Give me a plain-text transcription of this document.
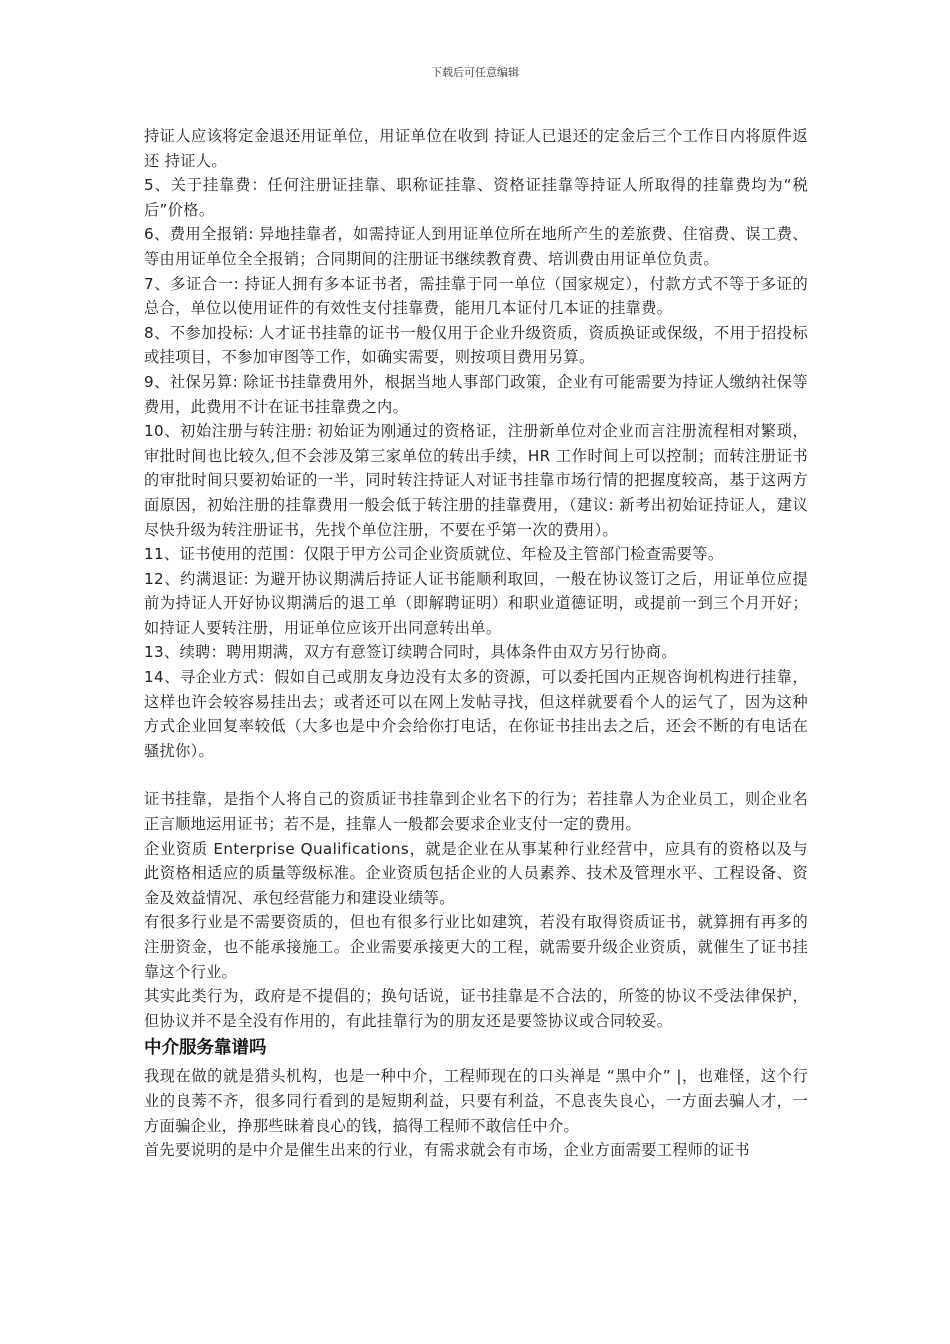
下载后可任意编辑

持证人应该将定金退还用证单位，用证单位在收到 持证人已退还的定金后三个工作日内将原件返还 持证人。

5、关于挂靠费：任何注册证挂靠、职称证挂靠、资格证挂靠等持证人所取得的挂靠费均为“税后”价格。

6、费用全报销: 异地挂靠者，如需持证人到用证单位所在地所产生的差旅费、住宿费、误工费、等由用证单位全全报销；合同期间的注册证书继续教育费、培训费由用证单位负责。

7、多证合一: 持证人拥有多本证书者，需挂靠于同一单位（国家规定），付款方式不等于多证的总合，单位以使用证件的有效性支付挂靠费，能用几本证付几本证的挂靠费。

8、不参加投标: 人才证书挂靠的证书一般仅用于企业升级资质，资质换证或保级，不用于招投标或挂项目，不参加审图等工作，如确实需要，则按项目费用另算。

9、社保另算: 除证书挂靠费用外，根据当地人事部门政策，企业有可能需要为持证人缴纳社保等费用，此费用不计在证书挂靠费之内。

10、初始注册与转注册: 初始证为刚通过的资格证，注册新单位对企业而言注册流程相对繁琐，审批时间也比较久,但不会涉及第三家单位的转出手续，HR 工作时间上可以控制；而转注册证书的审批时间只要初始证的一半，同时转注持证人对证书挂靠市场行情的把握度较高，基于这两方面原因，初始注册的挂靠费用一般会低于转注册的挂靠费用，（建议: 新考出初始证持证人，建议尽快升级为转注册证书，先找个单位注册，不要在乎第一次的费用）。

11、证书使用的范围：仅限于甲方公司企业资质就位、年检及主管部门检查需要等。

12、约满退证: 为避开协议期满后持证人证书能顺利取回，一般在协议签订之后，用证单位应提前为持证人开好协议期满后的退工单（即解聘证明）和职业道德证明，或提前一到三个月开好；如持证人要转注册，用证单位应该开出同意转出单。

13、续聘：聘用期满，双方有意签订续聘合同时，具体条件由双方另行协商。

14、寻企业方式：假如自己或朋友身边没有太多的资源，可以委托国内正规咨询机构进行挂靠，这样也许会较容易挂出去；或者还可以在网上发帖寻找，但这样就要看个人的运气了，因为这种方式企业回复率较低（大多也是中介会给你打电话，在你证书挂出去之后，还会不断的有电话在骚扰你）。

证书挂靠，是指个人将自己的资质证书挂靠到企业名下的行为；若挂靠人为企业员工，则企业名正言顺地运用证书；若不是，挂靠人一般都会要求企业支付一定的费用。

企业资质 Enterprise Qualifications，就是企业在从事某种行业经营中，应具有的资格以及与此资格相适应的质量等级标准。企业资质包括企业的人员素养、技术及管理水平、工程设备、资金及效益情况、承包经营能力和建设业绩等。

有很多行业是不需要资质的，但也有很多行业比如建筑，若没有取得资质证书，就算拥有再多的注册资金，也不能承接施工。企业需要承接更大的工程，就需要升级企业资质，就催生了证书挂靠这个行业。

其实此类行为，政府是不提倡的；换句话说，证书挂靠是不合法的，所签的协议不受法律保护，但协议并不是全没有作用的，有此挂靠行为的朋友还是要签协议或合同较妥。

中介服务靠谱吗

我现在做的就是猎头机构，也是一种中介，工程师现在的口头禅是 “黑中介” |，也难怪，这个行业的良莠不齐，很多同行看到的是短期利益，只要有利益，不息丧失良心，一方面去骗人才，一方面骗企业，挣那些昧着良心的钱，搞得工程师不敢信任中介。

首先要说明的是中介是催生出来的行业，有需求就会有市场，企业方面需要工程师的证书
